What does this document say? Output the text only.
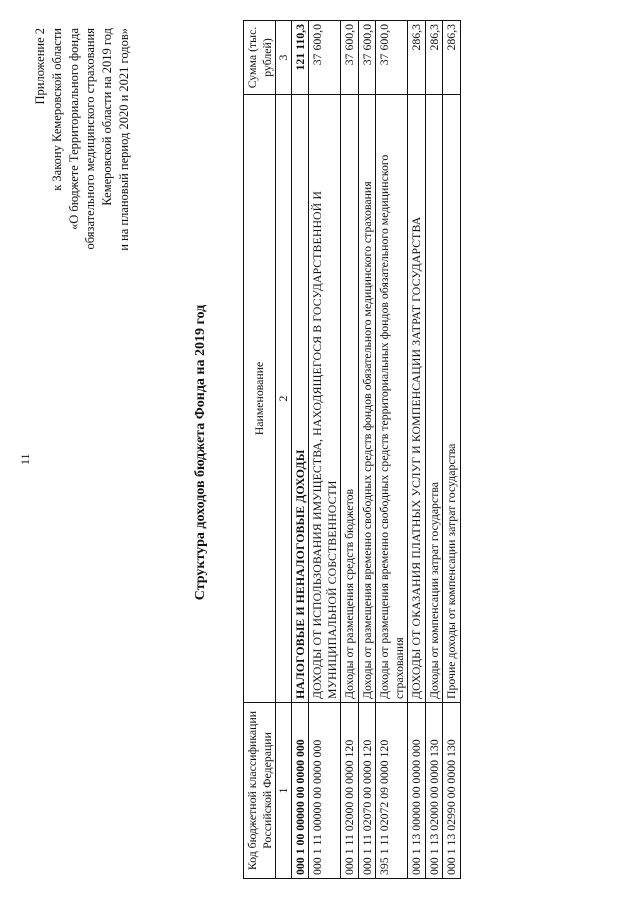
11
Приложение 2 к Закону Кемеровской области «О бюджете Территориального фонда обязательного медицинского страхования Кемеровской области на 2019 год и на плановый период 2020 и 2021 годов»
Структура доходов бюджета Фонда на 2019 год
Код бюджетной классификации Российской Федерации	Наименование	Сумма (тыс. рублей)
1	2	3
000 1 00 00000 00 0000 000	НАЛОГОВЫЕ И НЕНАЛОГОВЫЕ ДОХОДЫ	121 110,3
000 1 11 00000 00 0000 000	ДОХОДЫ ОТ ИСПОЛЬЗОВАНИЯ ИМУЩЕСТВА, НАХОДЯЩЕГОСЯ В ГОСУДАРСТВЕННОЙ И МУНИЦИПАЛЬНОЙ СОБСТВЕННОСТИ	37 600,0
000 1 11 02000 00 0000 120	Доходы от размещения средств бюджетов	37 600,0
000 1 11 02070 00 0000 120	Доходы от размещения временно свободных средств фондов обязательного медицинского страхования	37 600,0
395 1 11 02072 09 0000 120	Доходы от размещения временно свободных средств территориальных фондов обязательного медицинского страхования	37 600,0
000 1 13 00000 00 0000 000	ДОХОДЫ ОТ ОКАЗАНИЯ ПЛАТНЫХ УСЛУГ И КОМПЕНСАЦИИ ЗАТРАТ ГОСУДАРСТВА	286,3
000 1 13 02000 00 0000 130	Доходы от компенсации затрат государства	286,3
000 1 13 02990 00 0000 130	Прочие доходы от компенсации затрат государства	286,3
